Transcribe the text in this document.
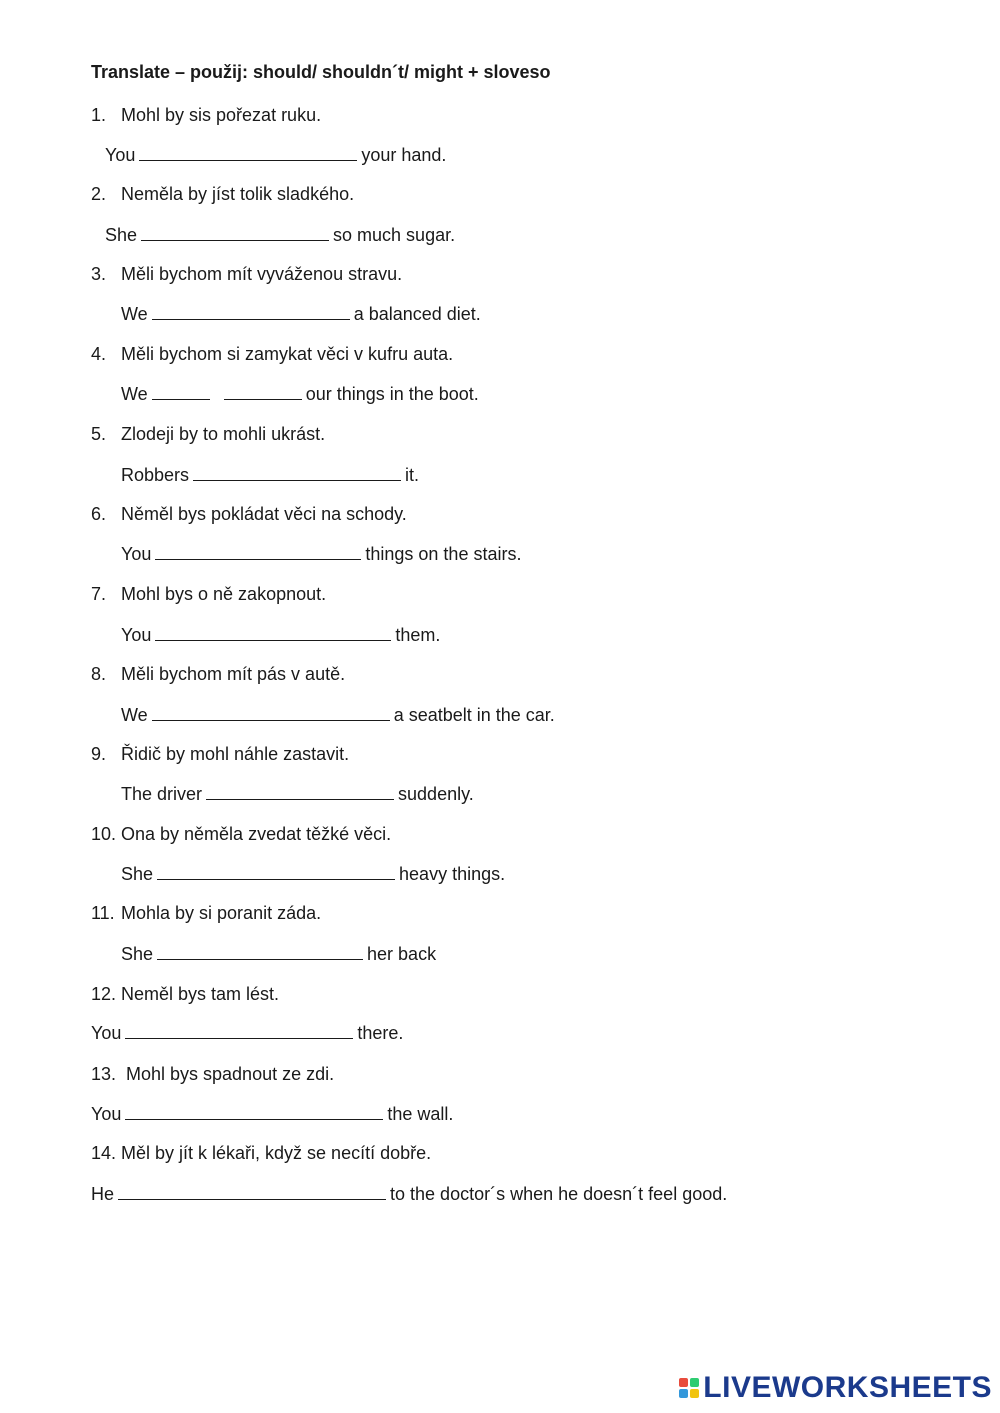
Translate – použij: should/ shouldn´t/ might + sloveso
1. Mohl by sis pořezat ruku.
You	your hand.
2. Neměla by jíst tolik sladkého.
She	so much sugar.
3. Měli bychom mít vyváženou stravu.
We	a balanced diet.
4. Měli bychom si zamykat věci v kufru auta.
We	our things in the boot.
5. Zlodeji by to mohli ukrást.
Robbers	it.
6. Něměl bys pokládat věci na schody.
You	things on the stairs.
7. Mohl bys o ně zakopnout.
You	them.
8. Měli bychom mít pás v autě.
We	a seatbelt in the car.
9. Řidič by mohl náhle zastavit.
The driver	suddenly.
10. Ona by něměla zvedat těžké věci.
She	heavy things.
11. Mohla by si poranit záda.
She	her back
12. Neměl bys tam lést.
You	there.
13. Mohl bys spadnout ze zdi.
You	the wall.
14. Měl by jít k lékaři, když se necítí dobře.
He	to the doctor´s when he doesn´t feel good.
LIVEWORKSHEETS
